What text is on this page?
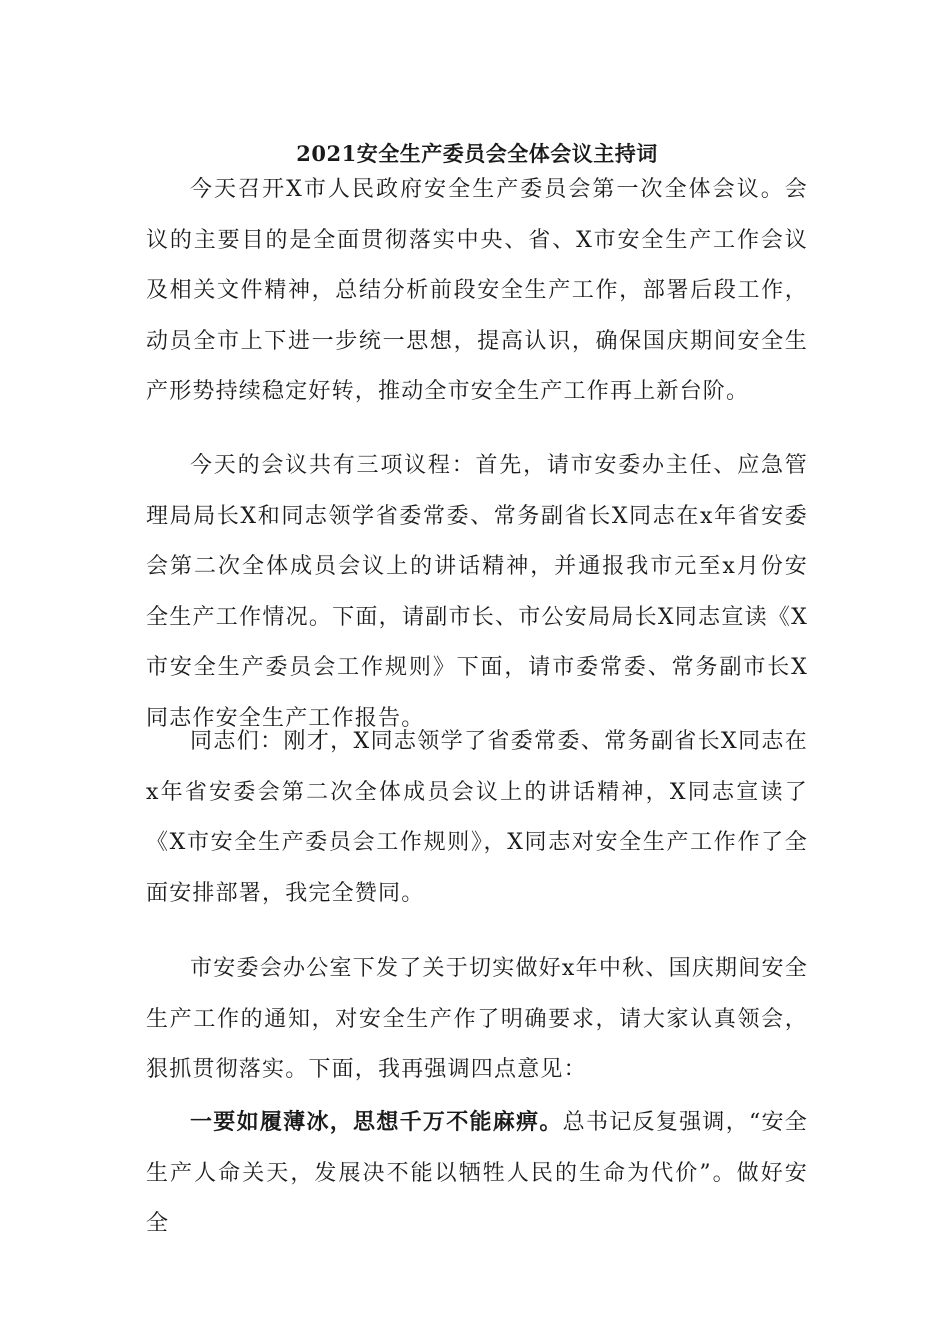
2021安全生产委员会全体会议主持词

今天召开X市人民政府安全生产委员会第一次全体会议。会议的主要目的是全面贯彻落实中央、省、X市安全生产工作会议及相关文件精神，总结分析前段安全生产工作，部署后段工作，动员全市上下进一步统一思想，提高认识，确保国庆期间安全生产形势持续稳定好转，推动全市安全生产工作再上新台阶。

今天的会议共有三项议程：首先，请市安委办主任、应急管理局局长X和同志领学省委常委、常务副省长X同志在x年省安委会第二次全体成员会议上的讲话精神，并通报我市元至x月份安全生产工作情况。下面，请副市长、市公安局局长X同志宣读《X市安全生产委员会工作规则》下面，请市委常委、常务副市长X同志作安全生产工作报告。

同志们：刚才，X同志领学了省委常委、常务副省长X同志在x年省安委会第二次全体成员会议上的讲话精神，X同志宣读了《X市安全生产委员会工作规则》，X同志对安全生产工作作了全面安排部署，我完全赞同。

市安委会办公室下发了关于切实做好x年中秋、国庆期间安全生产工作的通知，对安全生产作了明确要求，请大家认真领会，狠抓贯彻落实。下面，我再强调四点意见：

一要如履薄冰，思想千万不能麻痹。总书记反复强调，“安全生产人命关天，发展决不能以牺牲人民的生命为代价”。做好安全
